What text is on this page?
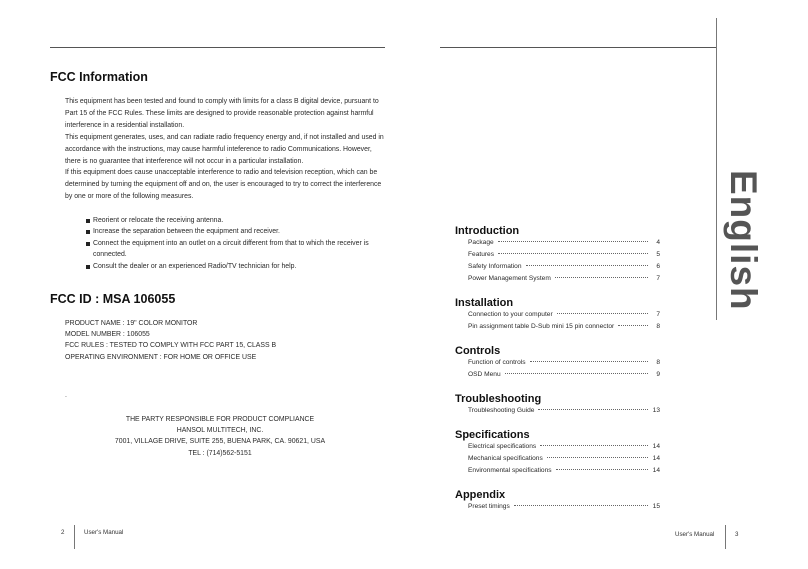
FCC Information

This equipment has been tested and found to comply with limits for a class B digital device, pursuant to Part 15 of the FCC Rules. These limits are designed to provide reasonable protection against harmful interference in a residential installation.

This equipment generates, uses, and can radiate radio frequency energy and, if not installed and used in accordance with the instructions, may cause harmful inteference to radio Communications. However, there is no guarantee that interference will not occur in a particular installation.

If this equipment does cause unacceptable interference to radio and television reception, which can be determined by turning the equipment off and on, the user is encouraged to try to correct the interference by one or more of the following measures.

Reorient or relocate the receiving antenna.
Increase the separation between the equipment and receiver.
Connect the equipment into an outlet on a circuit different from that to which the receiver is connected.
Consult the dealer or an experienced Radio/TV technician for help.
FCC ID : MSA 106055
PRODUCT NAME : 19" COLOR MONITOR
MODEL NUMBER : 106055
FCC RULES : TESTED TO COMPLY WITH FCC PART 15, CLASS B
OPERATING ENVIRONMENT : FOR HOME OR OFFICE USE
.
THE PARTY RESPONSIBLE FOR PRODUCT COMPLIANCE
HANSOL MULTITECH, INC.
7001, VILLAGE DRIVE, SUITE 255, BUENA PARK, CA. 90621, USA
TEL : (714)562-5151
2	User's Manual
Introduction
Package	4
Features	5
Safety Information	6
Power Management System	7
Installation
Connection to your computer	7
Pin assignment table D-Sub mini 15 pin connector	8
Controls
Function of controls	8
OSD Menu	9
Troubleshooting
Troubleshooting Guide	13
Specifications
Electrical specifications	14
Mechanical specifications	14
Environmental specifications	14
Appendix
Preset timings	15
English
User's Manual	3
